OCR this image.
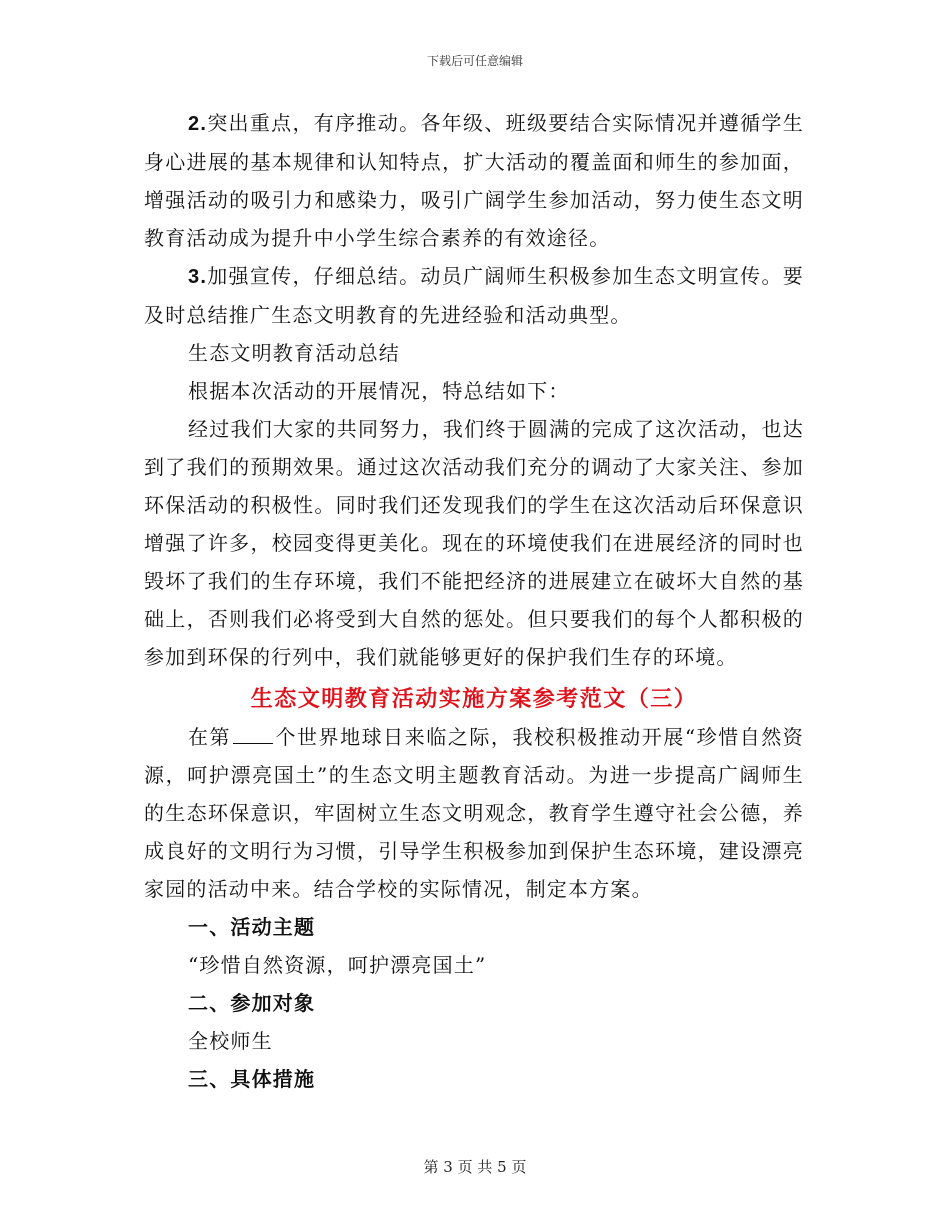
下载后可任意编辑

2.突出重点，有序推动。各年级、班级要结合实际情况并遵循学生身心进展的基本规律和认知特点，扩大活动的覆盖面和师生的参加面，增强活动的吸引力和感染力，吸引广阔学生参加活动，努力使生态文明教育活动成为提升中小学生综合素养的有效途径。

3.加强宣传，仔细总结。动员广阔师生积极参加生态文明宣传。要及时总结推广生态文明教育的先进经验和活动典型。

生态文明教育活动总结

根据本次活动的开展情况，特总结如下：

经过我们大家的共同努力，我们终于圆满的完成了这次活动，也达到了我们的预期效果。通过这次活动我们充分的调动了大家关注、参加环保活动的积极性。同时我们还发现我们的学生在这次活动后环保意识增强了许多，校园变得更美化。现在的环境使我们在进展经济的同时也毁坏了我们的生存环境，我们不能把经济的进展建立在破坏大自然的基础上，否则我们必将受到大自然的惩处。但只要我们的每个人都积极的参加到环保的行列中，我们就能够更好的保护我们生存的环境。

生态文明教育活动实施方案参考范文（三）

在第 个世界地球日来临之际，我校积极推动开展“珍惜自然资源，呵护漂亮国土”的生态文明主题教育活动。为进一步提高广阔师生的生态环保意识，牢固树立生态文明观念，教育学生遵守社会公德，养成良好的文明行为习惯，引导学生积极参加到保护生态环境，建设漂亮家园的活动中来。结合学校的实际情况，制定本方案。

一、活动主题

“珍惜自然资源，呵护漂亮国土”

二、参加对象

全校师生

三、具体措施

第 3 页 共 5 页
